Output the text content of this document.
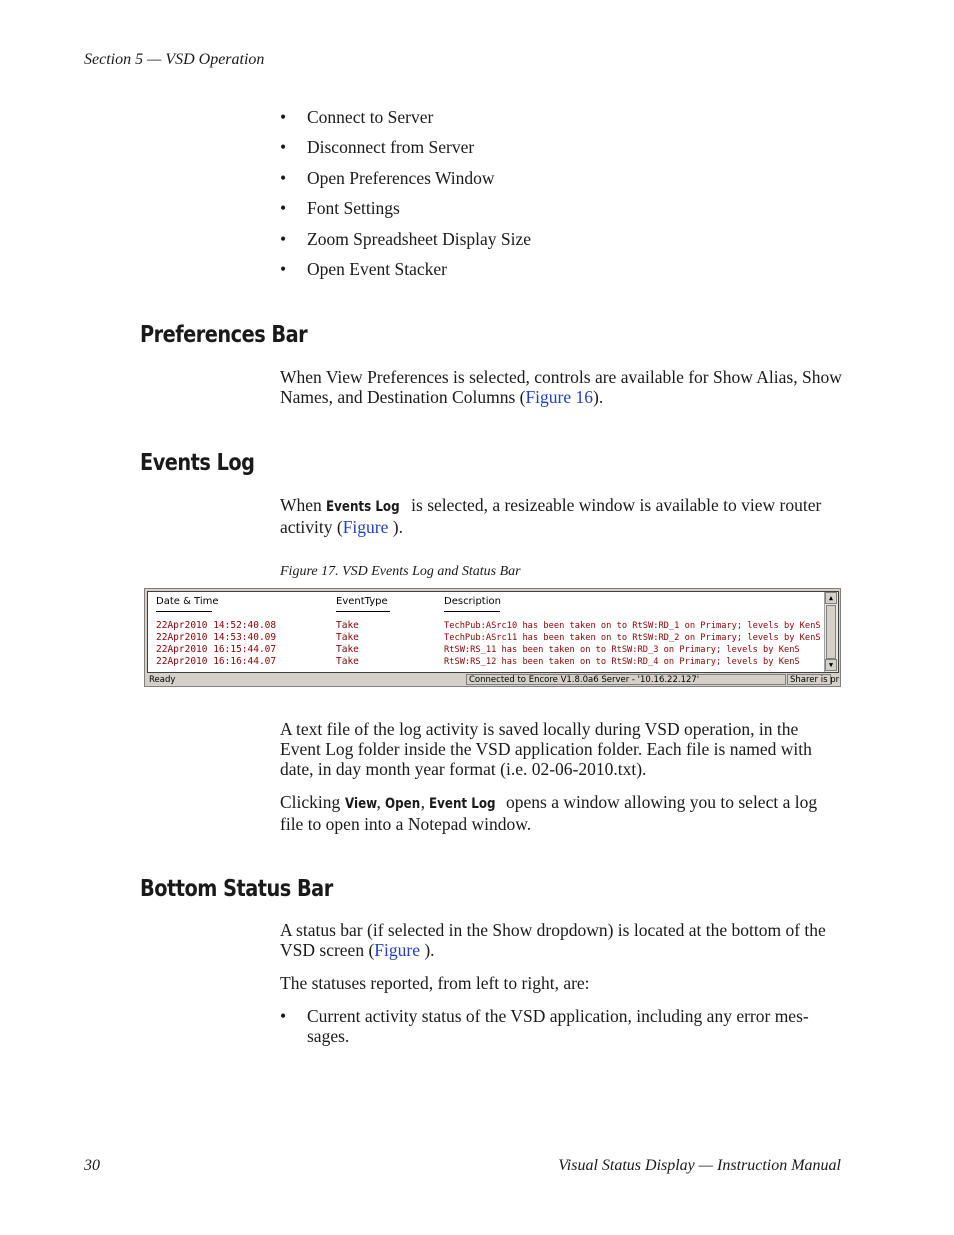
Section 5 — VSD Operation
• Connect to Server
• Disconnect from Server
• Open Preferences Window
• Font Settings
• Zoom Spreadsheet Display Size
• Open Event Stacker
Preferences Bar

When View Preferences is selected, controls are available for Show Alias, Show Names, and Destination Columns (Figure 16).

Events Log

When Events Log is selected, a resizeable window is available to view router activity (Figure ).

Figure 17. VSD Events Log and Status Bar
Date & Time	EventType	Description
22Apr2010 14:52:40.08	Take	TechPub:ASrc10 has been taken on to RtSW:RD_1 on Primary; levels by KenS
22Apr2010 14:53:40.09	Take	TechPub:ASrc11 has been taken on to RtSW:RD_2 on Primary; levels by KenS
22Apr2010 16:15:44.07	Take	RtSW:RS_11 has been taken on to RtSW:RD_3 on Primary; levels by KenS
22Apr2010 16:16:44.07	Take	RtSW:RS_12 has been taken on to RtSW:RD_4 on Primary; levels by KenS
▲
▼
Ready	Connected to Encore V1.8.0a6 Server - '10.16.22.127'	Sharer is pr

A text file of the log activity is saved locally during VSD operation, in the Event Log folder inside the VSD application folder. Each file is named with date, in day month year format (i.e. 02-06-2010.txt).

Clicking View, Open, Event Log opens a window allowing you to select a log file to open into a Notepad window.

Bottom Status Bar

A status bar (if selected in the Show dropdown) is located at the bottom of the VSD screen (Figure ).

The statuses reported, from left to right, are:

• Current activity status of the VSD application, including any error mes-sages.
30	Visual Status Display — Instruction Manual
